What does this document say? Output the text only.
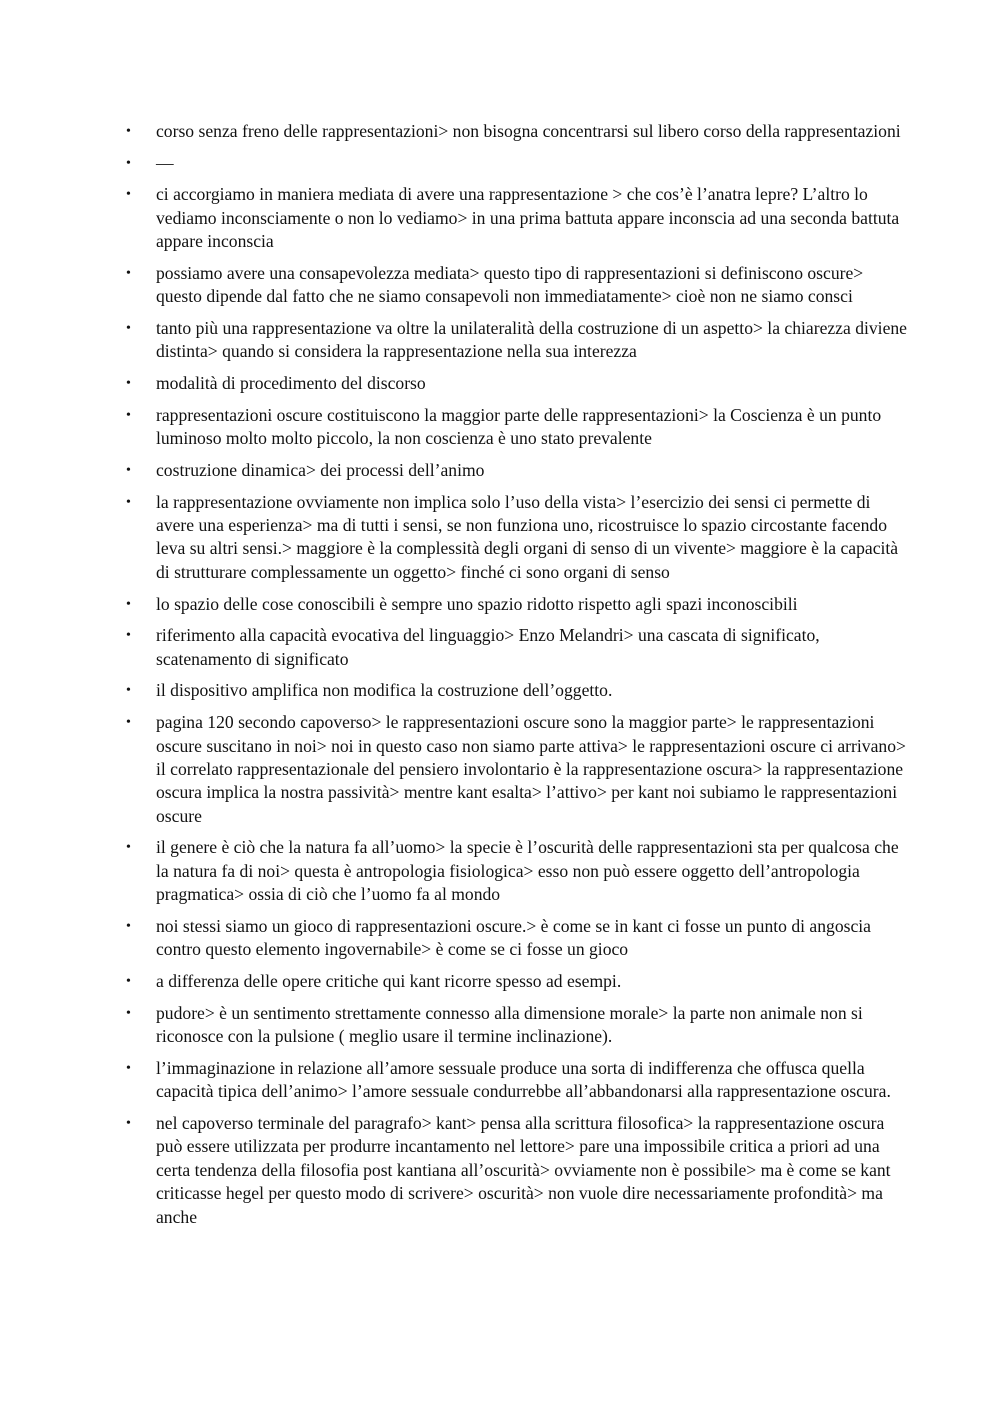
• corso senza freno delle rappresentazioni> non bisogna concentrarsi sul libero corso della rappresentazioni
• —
• ci accorgiamo in maniera mediata di avere una rappresentazione > che cos’è l’anatra lepre? L’altro lo vediamo inconsciamente o non lo vediamo> in una prima battuta appare inconscia ad una seconda battuta appare inconscia
• possiamo avere una consapevolezza mediata> questo tipo di rappresentazioni si definiscono oscure> questo dipende dal fatto che ne siamo consapevoli non immediatamente> cioè non ne siamo consci
• tanto più una rappresentazione va oltre la unilateralità della costruzione di un aspetto> la chiarezza diviene distinta> quando si considera la rappresentazione nella sua interezza
• modalità di procedimento del discorso
• rappresentazioni oscure costituiscono la maggior parte delle rappresentazioni> la Coscienza è un punto luminoso molto molto piccolo, la non coscienza è uno stato prevalente
• costruzione dinamica> dei processi dell’animo
• la rappresentazione ovviamente non implica solo l’uso della vista> l’esercizio dei sensi ci permette di avere una esperienza> ma di tutti i sensi, se non funziona uno, ricostruisce lo spazio circostante facendo leva su altri sensi.> maggiore è la complessità degli organi di senso di un vivente> maggiore è la capacità di strutturare complessamente un oggetto> finché ci sono organi di senso
• lo spazio delle cose conoscibili è sempre uno spazio ridotto rispetto agli spazi inconoscibili
• riferimento alla capacità evocativa del linguaggio> Enzo Melandri> una cascata di significato, scatenamento di significato
• il dispositivo amplifica non modifica la costruzione dell’oggetto.
• pagina 120 secondo capoverso> le rappresentazioni oscure sono la maggior parte> le rappresentazioni oscure suscitano in noi> noi in questo caso non siamo parte attiva> le rappresentazioni oscure ci arrivano> il correlato rappresentazionale del pensiero involontario è la rappresentazione oscura> la rappresentazione oscura implica la nostra passività> mentre kant esalta> l’attivo> per kant noi subiamo le rappresentazioni oscure
• il genere è ciò che la natura fa all’uomo> la specie è l’oscurità delle rappresentazioni sta per qualcosa che la natura fa di noi> questa è antropologia fisiologica> esso non può essere oggetto dell’antropologia pragmatica> ossia di ciò che l’uomo fa al mondo
• noi stessi siamo un gioco di rappresentazioni oscure.> è come se in kant ci fosse un punto di angoscia contro questo elemento ingovernabile> è come se ci fosse un gioco
• a differenza delle opere critiche qui kant ricorre spesso ad esempi.
• pudore> è un sentimento strettamente connesso alla dimensione morale> la parte non animale non si riconosce con la pulsione ( meglio usare il termine inclinazione).
• l’immaginazione in relazione all’amore sessuale produce una sorta di indifferenza che offusca quella capacità tipica dell’animo> l’amore sessuale condurrebbe all’abbandonarsi alla rappresentazione oscura.
• nel capoverso terminale del paragrafo> kant> pensa alla scrittura filosofica> la rappresentazione oscura può essere utilizzata per produrre incantamento nel lettore> pare una impossibile critica a priori ad una certa tendenza della filosofia post kantiana all’oscurità> ovviamente non è possibile> ma è come se kant criticasse hegel per questo modo di scrivere> oscurità> non vuole dire necessariamente profondità> ma anche
